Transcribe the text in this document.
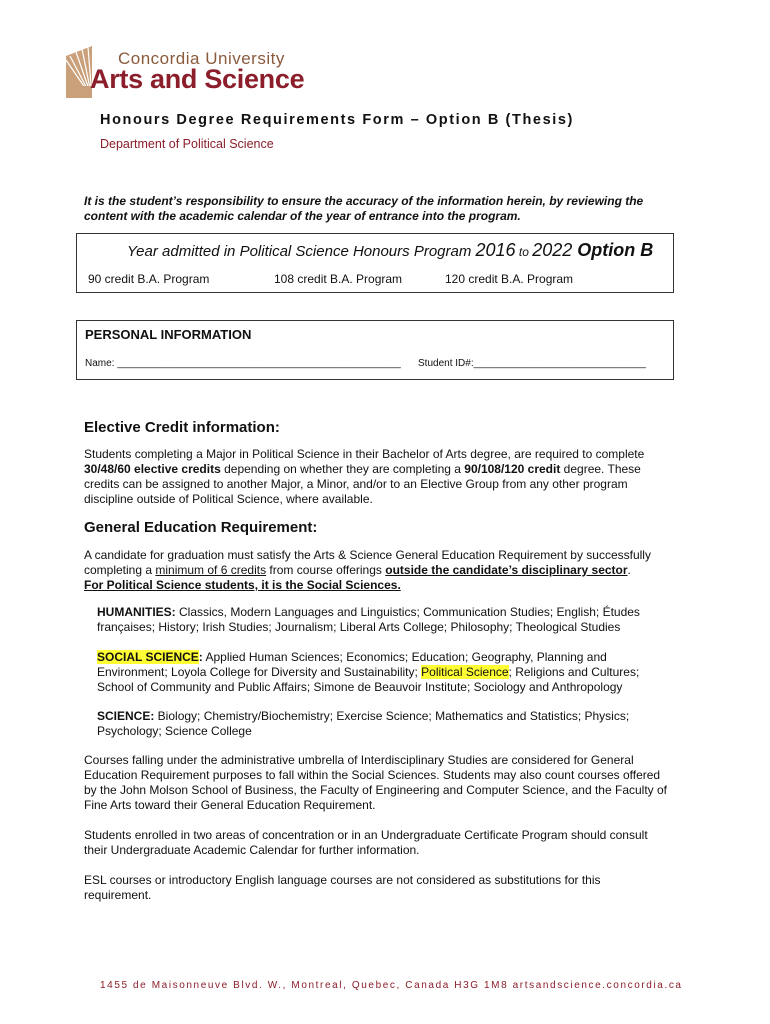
Concordia University
Arts and Science
Honours Degree Requirements Form – Option B (Thesis)
Department of Political Science
It is the student’s responsibility to ensure the accuracy of the information herein, by reviewing the content with the academic calendar of the year of entrance into the program.
Year admitted in Political Science Honours Program 2016 to 2022 Option B
90 credit B.A. Program	108 credit B.A. Program	120 credit B.A. Program
PERSONAL INFORMATION
Name: ___________________________________________________ Student ID#:_______________________________
Elective Credit information:
Students completing a Major in Political Science in their Bachelor of Arts degree, are required to complete 30/48/60 elective credits depending on whether they are completing a 90/108/120 credit degree. These credits can be assigned to another Major, a Minor, and/or to an Elective Group from any other program discipline outside of Political Science, where available.
General Education Requirement:
A candidate for graduation must satisfy the Arts & Science General Education Requirement by successfully completing a minimum of 6 credits from course offerings outside the candidate’s disciplinary sector.
For Political Science students, it is the Social Sciences.
HUMANITIES: Classics, Modern Languages and Linguistics; Communication Studies; English; Études françaises; History; Irish Studies; Journalism; Liberal Arts College; Philosophy; Theological Studies
SOCIAL SCIENCE: Applied Human Sciences; Economics; Education; Geography, Planning and Environment; Loyola College for Diversity and Sustainability; Political Science; Religions and Cultures; School of Community and Public Affairs; Simone de Beauvoir Institute; Sociology and Anthropology
SCIENCE: Biology; Chemistry/Biochemistry; Exercise Science; Mathematics and Statistics; Physics; Psychology; Science College
Courses falling under the administrative umbrella of Interdisciplinary Studies are considered for General Education Requirement purposes to fall within the Social Sciences. Students may also count courses offered by the John Molson School of Business, the Faculty of Engineering and Computer Science, and the Faculty of Fine Arts toward their General Education Requirement.
Students enrolled in two areas of concentration or in an Undergraduate Certificate Program should consult their Undergraduate Academic Calendar for further information.
ESL courses or introductory English language courses are not considered as substitutions for this requirement.
1455 de Maisonneuve Blvd. W., Montreal, Quebec, Canada H3G 1M8 artsandscience.concordia.ca
